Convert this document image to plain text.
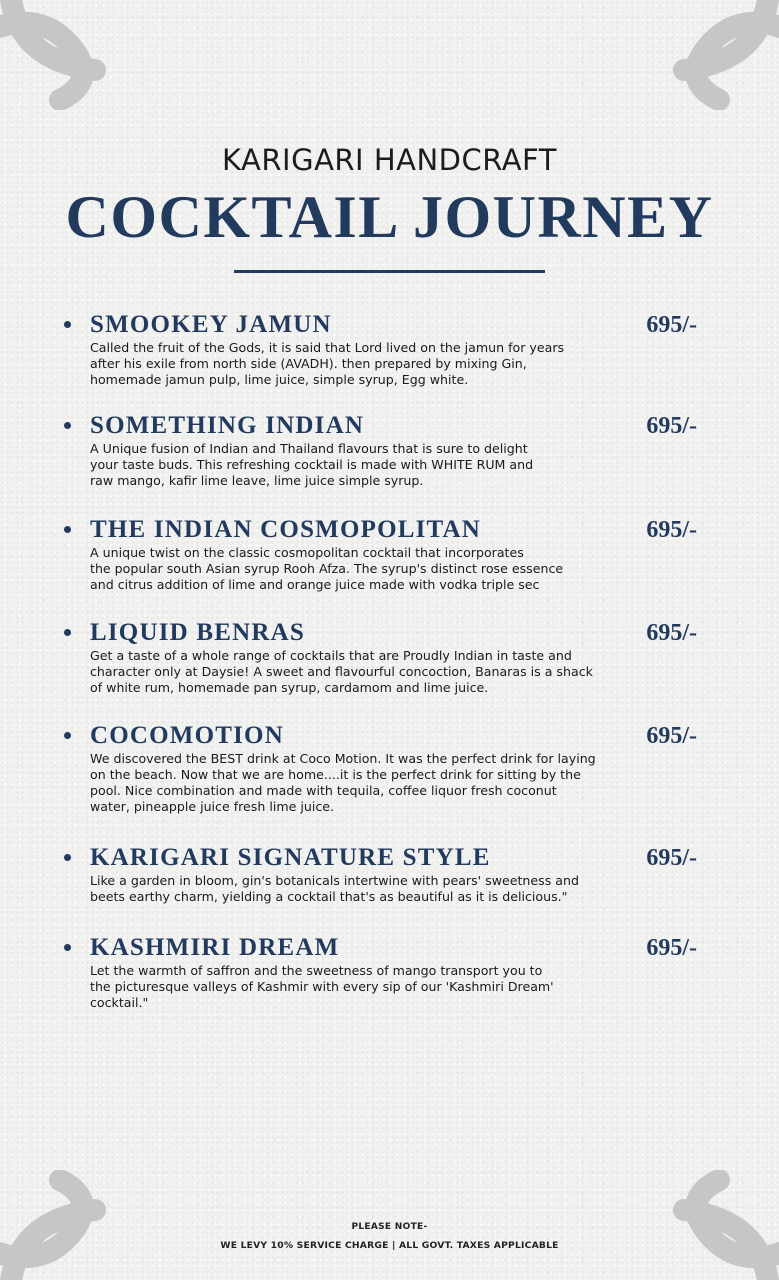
KARIGARI HANDCRAFT
COCKTAIL JOURNEY
SMOOKEY JAMUN	695/-
Called the fruit of the Gods, it is said that Lord lived on the jamun for years
after his exile from north side (AVADH). then prepared by mixing Gin,
homemade jamun pulp, lime juice, simple syrup, Egg white.
SOMETHING INDIAN	695/-
A Unique fusion of Indian and Thailand flavours that is sure to delight
your taste buds. This refreshing cocktail is made with WHITE RUM and
raw mango, kafir lime leave, lime juice simple syrup.
THE INDIAN COSMOPOLITAN	695/-
A unique twist on the classic cosmopolitan cocktail that incorporates
the popular south Asian syrup Rooh Afza. The syrup's distinct rose essence
and citrus addition of lime and orange juice made with vodka triple sec
LIQUID BENRAS	695/-
Get a taste of a whole range of cocktails that are Proudly Indian in taste and
character only at Daysie! A sweet and flavourful concoction, Banaras is a shack
of white rum, homemade pan syrup, cardamom and lime juice.
COCOMOTION	695/-
We discovered the BEST drink at Coco Motion. It was the perfect drink for laying
on the beach. Now that we are home....it is the perfect drink for sitting by the
pool. Nice combination and made with tequila, coffee liquor fresh coconut
water, pineapple juice fresh lime juice.
KARIGARI SIGNATURE STYLE	695/-
Like a garden in bloom, gin's botanicals intertwine with pears' sweetness and
beets earthy charm, yielding a cocktail that's as beautiful as it is delicious."
KASHMIRI DREAM	695/-
Let the warmth of saffron and the sweetness of mango transport you to
the picturesque valleys of Kashmir with every sip of our 'Kashmiri Dream'
cocktail."
PLEASE NOTE-
WE LEVY 10% SERVICE CHARGE | ALL GOVT. TAXES APPLICABLE
